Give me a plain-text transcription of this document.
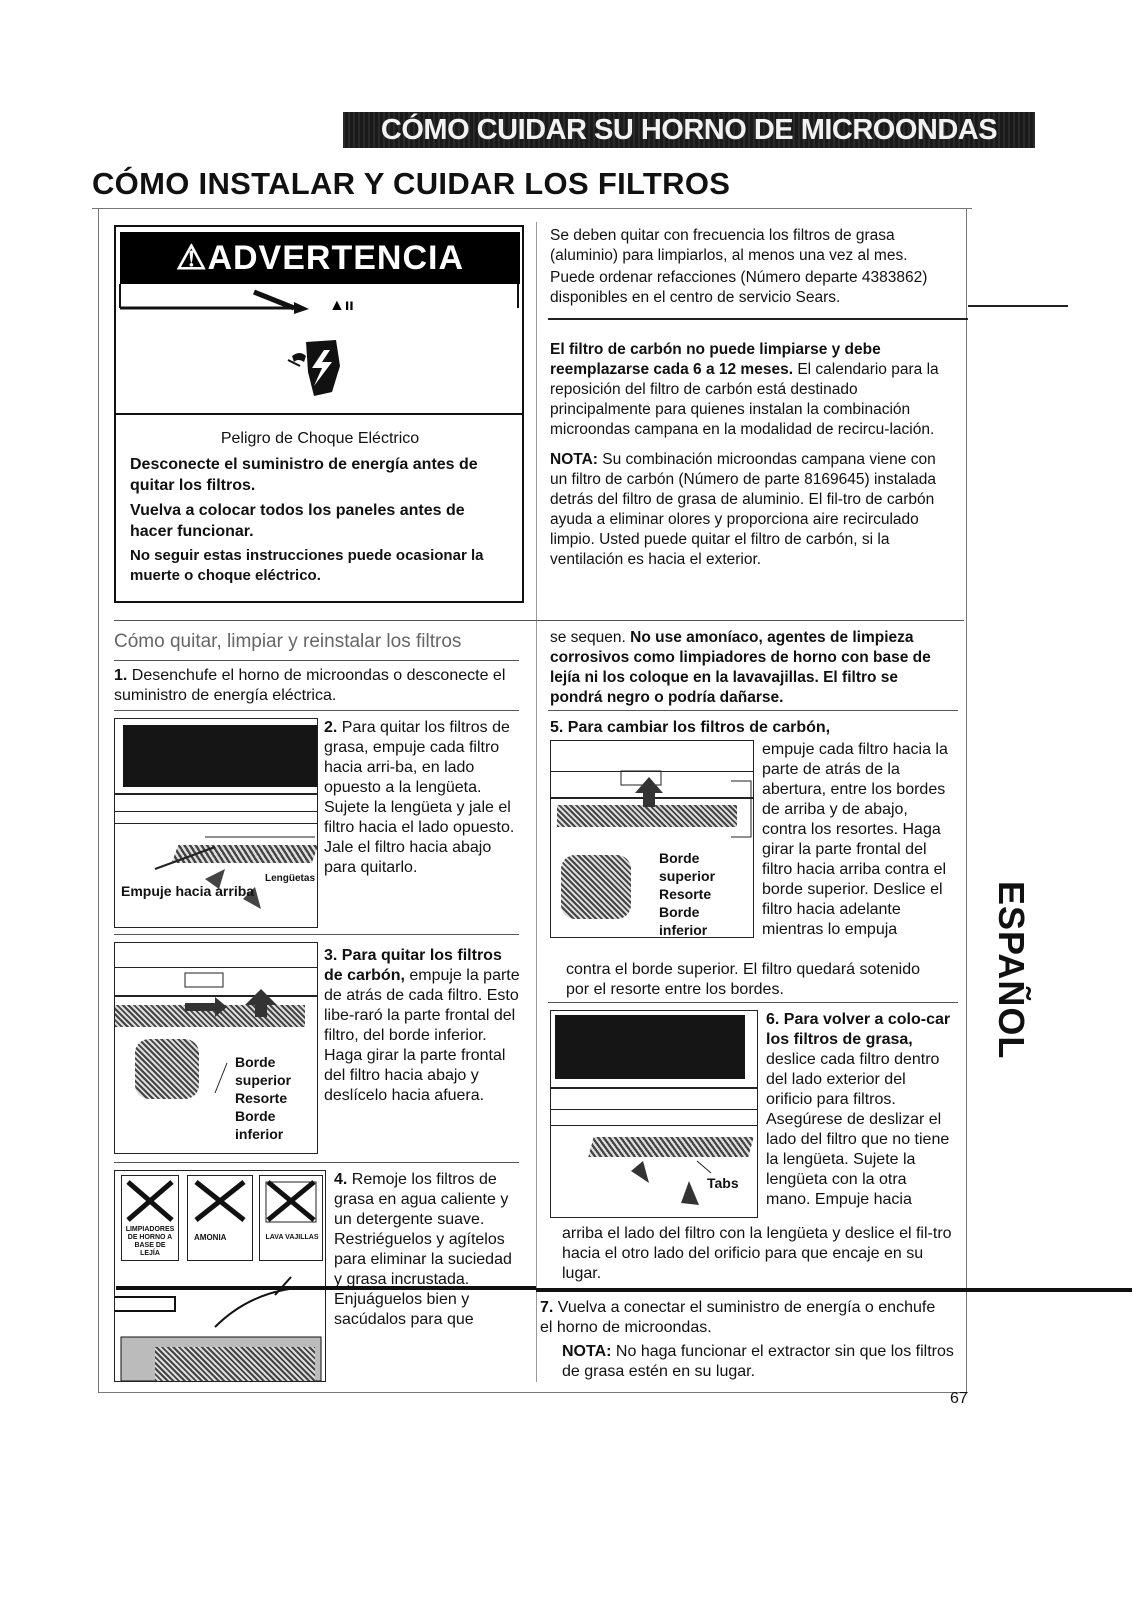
CÓMO CUIDAR SU HORNO DE MICROONDAS
CÓMO INSTALAR Y CUIDAR LOS FILTROS
⚠ADVERTENCIA
▲ıı

Peligro de Choque Eléctrico

Desconecte el suministro de energía antes de quitar los filtros.

Vuelva a colocar todos los paneles antes de hacer funcionar.

No seguir estas instrucciones puede ocasionar la muerte o choque eléctrico.

Se deben quitar con frecuencia los filtros de grasa (aluminio) para limpiarlos, al menos una vez al mes.

Puede ordenar refacciones (Número departe 4383862) disponibles en el centro de servicio Sears.

El filtro de carbón no puede limpiarse y debe reemplazarse cada 6 a 12 meses. El calendario para la reposición del filtro de carbón está destinado principalmente para quienes instalan la combinación microondas campana en la modalidad de recircu-lación.

NOTA: Su combinación microondas campana viene con un filtro de carbón (Número de parte 8169645) instalada detrás del filtro de grasa de aluminio. El fil-tro de carbón ayuda a eliminar olores y proporciona aire recirculado limpio. Usted puede quitar el filtro de carbón, si la ventilación es hacia el exterior.

Cómo quitar, limpiar y reinstalar los filtros
1. Desenchufe el horno de microondas o desconecte el suministro de energía eléctrica.
Empuje hacia arriba
Lengüetas
2. Para quitar los filtros de grasa, empuje cada filtro hacia arri-ba, en lado opuesto a la lengüeta. Sujete la lengüeta y jale el filtro hacia el lado opuesto. Jale el filtro hacia abajo para quitarlo.
Borde superior
Resorte
Borde inferior
3. Para quitar los filtros de carbón, empuje la parte de atrás de cada filtro. Esto libe-raró la parte frontal del filtro, del borde inferior. Haga girar la parte frontal del filtro hacia abajo y deslícelo hacia afuera.
LIMPIADORES DE HORNO A BASE DE LEJÍA
AMONIA	LAVA VAJILLAS
4. Remoje los filtros de grasa en agua caliente y un detergente suave. Restriéguelos y agítelos para eliminar la suciedad y grasa incrustada. Enjuáguelos bien y sacúdalos para que
se sequen. No use amoníaco, agentes de limpieza corrosivos como limpiadores de horno con base de lejía ni los coloque en la lavavajillas. El filtro se pondrá negro o podría dañarse.
5. Para cambiar los filtros de carbón,
Borde superior
Resorte
Borde inferior
empuje cada filtro hacia la parte de atrás de la abertura, entre los bordes de arriba y de abajo, contra los resortes. Haga girar la parte frontal del filtro hacia arriba contra el borde superior. Deslice el filtro hacia adelante mientras lo empuja
contra el borde superior. El filtro quedará sotenido por el resorte entre los bordes.
Tabs
6. Para volver a colo-car los filtros de grasa, deslice cada filtro dentro del lado exterior del orificio para filtros. Asegúrese de deslizar el lado del filtro que no tiene la lengüeta. Sujete la lengüeta con la otra mano. Empuje hacia
arriba el lado del filtro con la lengüeta y deslice el fil-tro hacia el otro lado del orificio para que encaje en su lugar.
7. Vuelva a conectar el suministro de energía o enchufe el horno de microondas.
NOTA: No haga funcionar el extractor sin que los filtros de grasa estén en su lugar.
ESPAÑOL
67
